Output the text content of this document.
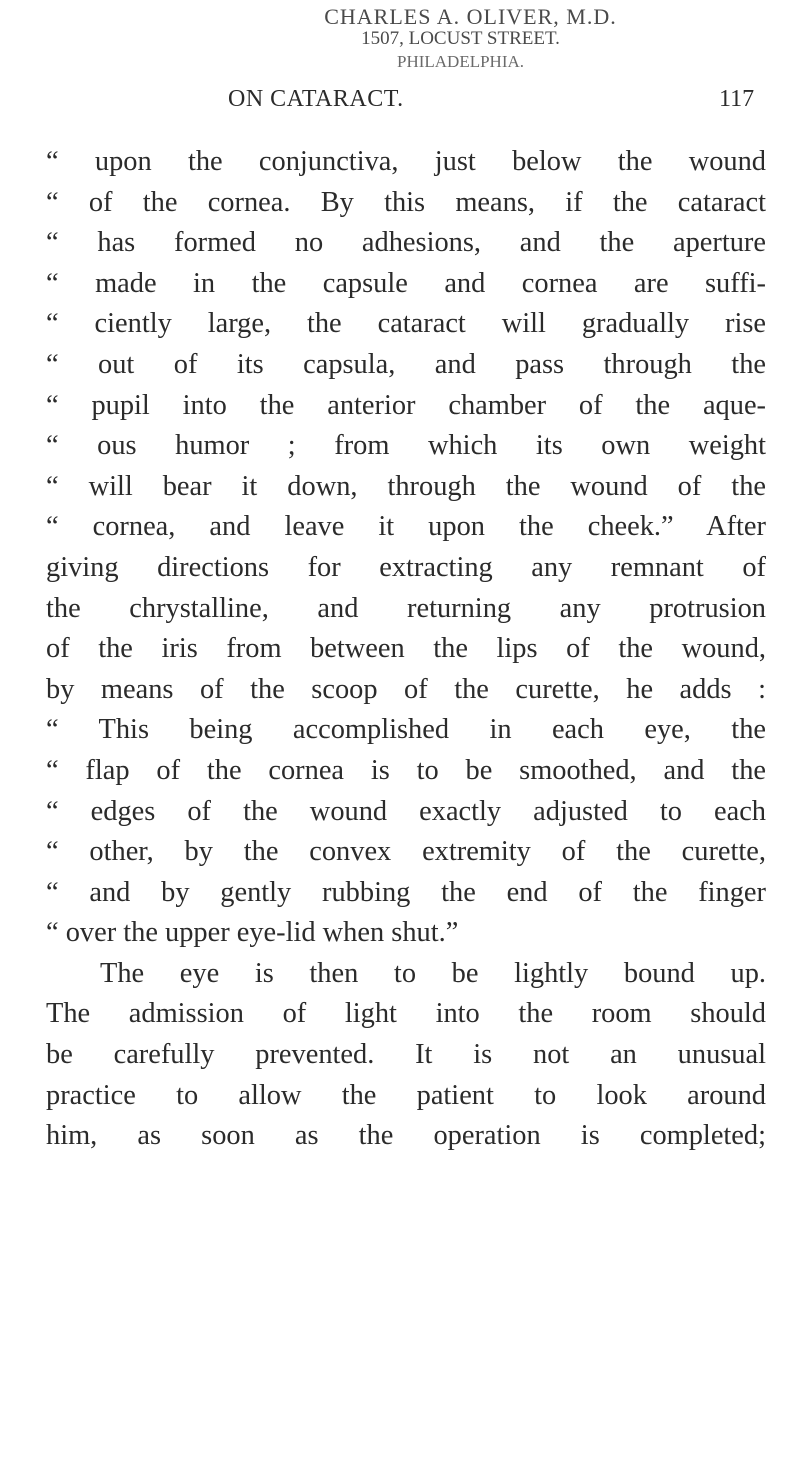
CHARLES A. OLIVER, M.D.
1507, LOCUST STREET.
PHILADELPHIA.
ON CATARACT.	117
“ upon the conjunctiva, just below the wound
“ of the cornea. By this means, if the cataract
“ has formed no adhesions, and the aperture
“ made in the capsule and cornea are suffi-
“ ciently large, the cataract will gradually rise
“ out of its capsula, and pass through the
“ pupil into the anterior chamber of the aque-
“ ous humor ; from which its own weight
“ will bear it down, through the wound of the
“ cornea, and leave it upon the cheek.” After
giving directions for extracting any remnant of
the chrystalline, and returning any protrusion
of the iris from between the lips of the wound,
by means of the scoop of the curette, he adds :
“ This being accomplished in each eye, the
“ flap of the cornea is to be smoothed, and the
“ edges of the wound exactly adjusted to each
“ other, by the convex extremity of the curette,
“ and by gently rubbing the end of the finger
“ over the upper eye-lid when shut.”
The eye is then to be lightly bound up.
The admission of light into the room should
be carefully prevented. It is not an unusual
practice to allow the patient to look around
him, as soon as the operation is completed;
